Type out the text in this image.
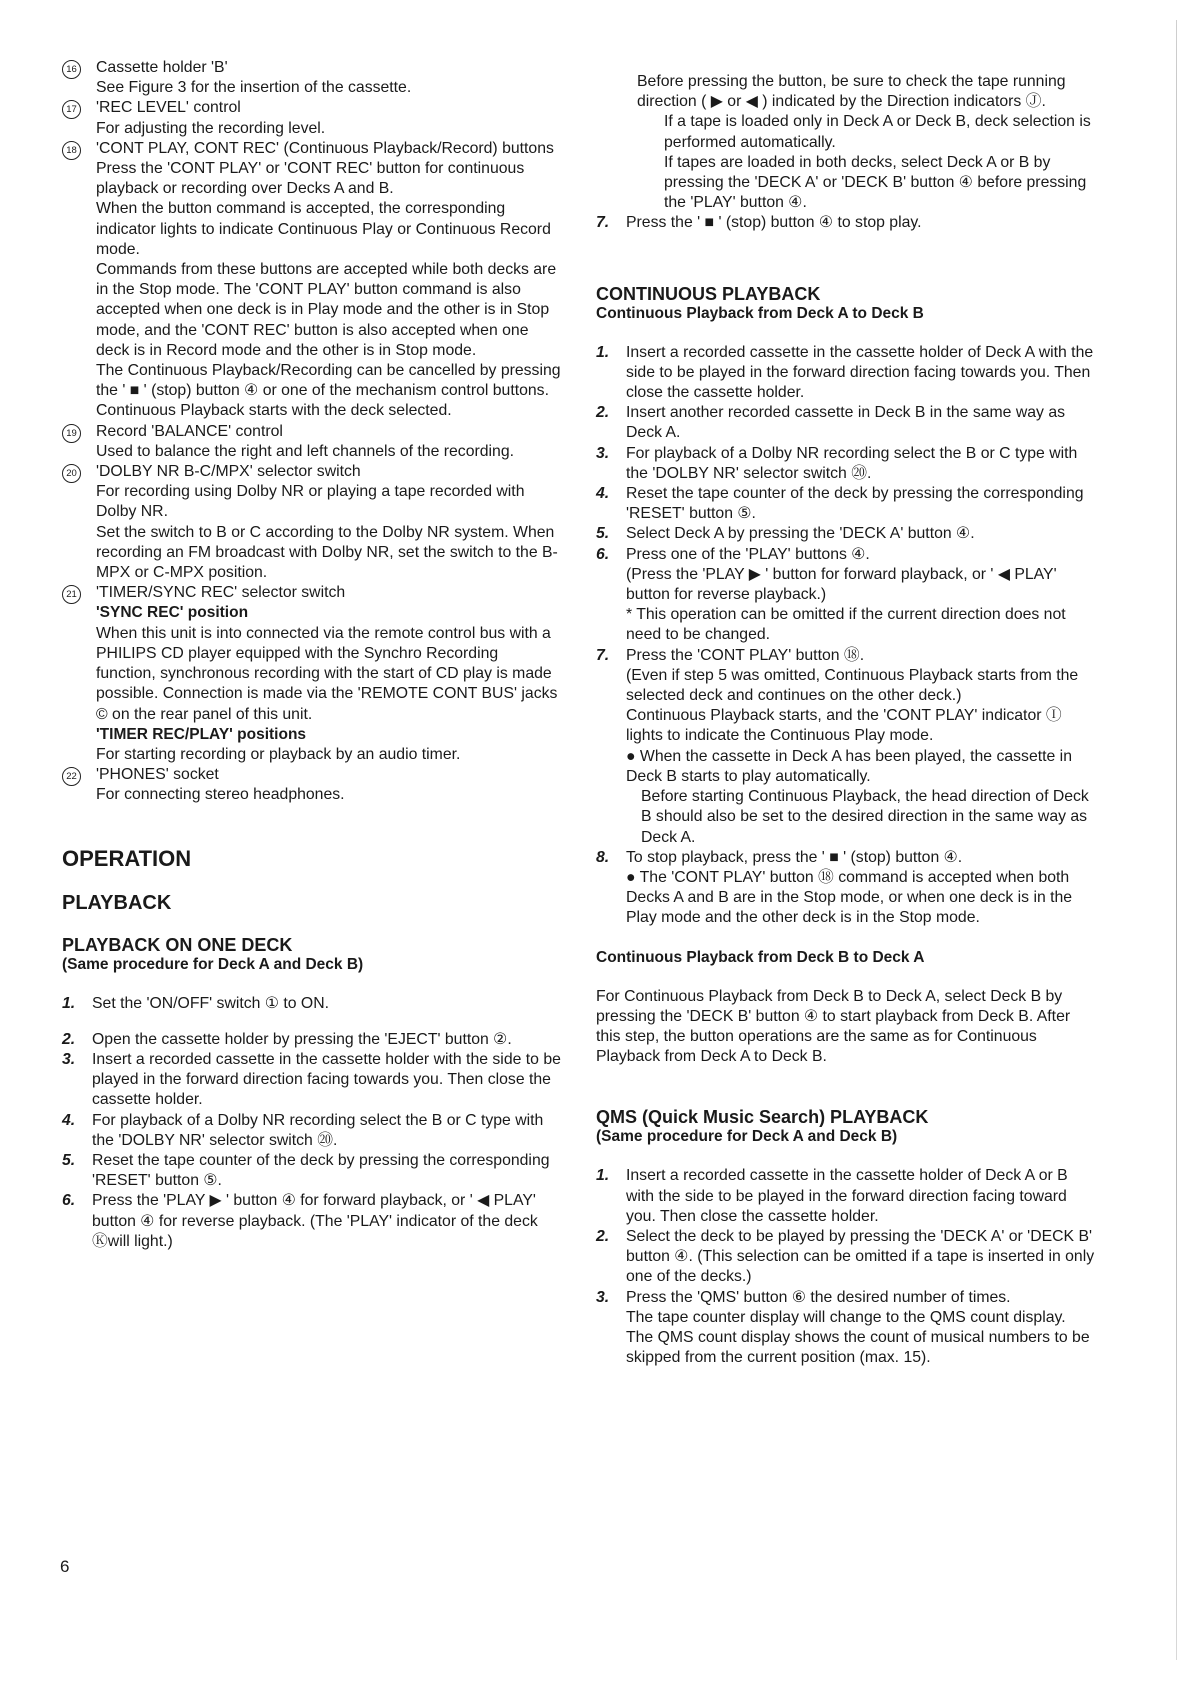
16	Cassette holder 'B'

See Figure 3 for the insertion of the cassette.

17	'REC LEVEL' control

For adjusting the recording level.

18	'CONT PLAY, CONT REC' (Continuous Playback/Record) buttons

Press the 'CONT PLAY' or 'CONT REC' button for continuous playback or recording over Decks A and B.

When the button command is accepted, the corresponding indicator lights to indicate Continuous Play or Continuous Record mode.

Commands from these buttons are accepted while both decks are in the Stop mode. The 'CONT PLAY' button command is also accepted when one deck is in Play mode and the other is in Stop mode, and the 'CONT REC' button is also accepted when one deck is in Record mode and the other is in Stop mode.

The Continuous Playback/Recording can be cancelled by pressing the ' ■ ' (stop) button ④ or one of the mechanism control buttons.

Continuous Playback starts with the deck selected.

19	Record 'BALANCE' control

Used to balance the right and left channels of the recording.

20	'DOLBY NR B-C/MPX' selector switch

For recording using Dolby NR or playing a tape recorded with Dolby NR.

Set the switch to B or C according to the Dolby NR system. When recording an FM broadcast with Dolby NR, set the switch to the B-MPX or C-MPX position.

21	'TIMER/SYNC REC' selector switch

'SYNC REC' position

When this unit is into connected via the remote control bus with a PHILIPS CD player equipped with the Synchro Recording function, synchronous recording with the start of CD play is made possible. Connection is made via the 'REMOTE CONT BUS' jacks © on the rear panel of this unit.

'TIMER REC/PLAY' positions

For starting recording or playback by an audio timer.

22	'PHONES' socket

For connecting stereo headphones.

OPERATION

PLAYBACK

PLAYBACK ON ONE DECK

(Same procedure for Deck A and Deck B)

1.	Set the 'ON/OFF' switch ① to ON.

2.	Open the cassette holder by pressing the 'EJECT' button ②.
3.	Insert a recorded cassette in the cassette holder with the side to be played in the forward direction facing towards you. Then close the cassette holder.
4.	For playback of a Dolby NR recording select the B or C type with the 'DOLBY NR' selector switch ⑳.
5.	Reset the tape counter of the deck by pressing the corresponding 'RESET' button ⑤.
6.	Press the 'PLAY ▶ ' button ④ for forward playback, or ' ◀ PLAY' button ④ for reverse playback. (The 'PLAY' indicator of the deck Ⓚwill light.)

Before pressing the button, be sure to check the tape running direction ( ▶ or ◀ ) indicated by the Direction indicators Ⓙ.

If a tape is loaded only in Deck A or Deck B, deck selection is performed automatically.

If tapes are loaded in both decks, select Deck A or B by pressing the 'DECK A' or 'DECK B' button ④ before pressing the 'PLAY' button ④.

7.	Press the ' ■ ' (stop) button ④ to stop play.

CONTINUOUS PLAYBACK

Continuous Playback from Deck A to Deck B

1.	Insert a recorded cassette in the cassette holder of Deck A with the side to be played in the forward direction facing towards you. Then close the cassette holder.
2.	Insert another recorded cassette in Deck B in the same way as Deck A.
3.	For playback of a Dolby NR recording select the B or C type with the 'DOLBY NR' selector switch ⑳.
4.	Reset the tape counter of the deck by pressing the corresponding 'RESET' button ⑤.
5.	Select Deck A by pressing the 'DECK A' button ④.
6.	Press one of the 'PLAY' buttons ④.

(Press the 'PLAY ▶ ' button for forward playback, or ' ◀ PLAY' button for reverse playback.)

* This operation can be omitted if the current direction does not need to be changed.

7.	Press the 'CONT PLAY' button ⑱.

(Even if step 5 was omitted, Continuous Playback starts from the selected deck and continues on the other deck.)

Continuous Playback starts, and the 'CONT PLAY' indicator Ⓘ lights to indicate the Continuous Play mode.

● When the cassette in Deck A has been played, the cassette in Deck B starts to play automatically.

Before starting Continuous Playback, the head direction of Deck B should also be set to the desired direction in the same way as Deck A.

8.	To stop playback, press the ' ■ ' (stop) button ④.

● The 'CONT PLAY' button ⑱ command is accepted when both Decks A and B are in the Stop mode, or when one deck is in the Play mode and the other deck is in the Stop mode.

Continuous Playback from Deck B to Deck A

For Continuous Playback from Deck B to Deck A, select Deck B by pressing the 'DECK B' button ④ to start playback from Deck B. After this step, the button operations are the same as for Continuous Playback from Deck A to Deck B.

QMS (Quick Music Search) PLAYBACK

(Same procedure for Deck A and Deck B)

1.	Insert a recorded cassette in the cassette holder of Deck A or B with the side to be played in the forward direction facing toward you. Then close the cassette holder.
2.	Select the deck to be played by pressing the 'DECK A' or 'DECK B' button ④. (This selection can be omitted if a tape is inserted in only one of the decks.)
3.	Press the 'QMS' button ⑥ the desired number of times.

The tape counter display will change to the QMS count display.

The QMS count display shows the count of musical numbers to be skipped from the current position (max. 15).

6
